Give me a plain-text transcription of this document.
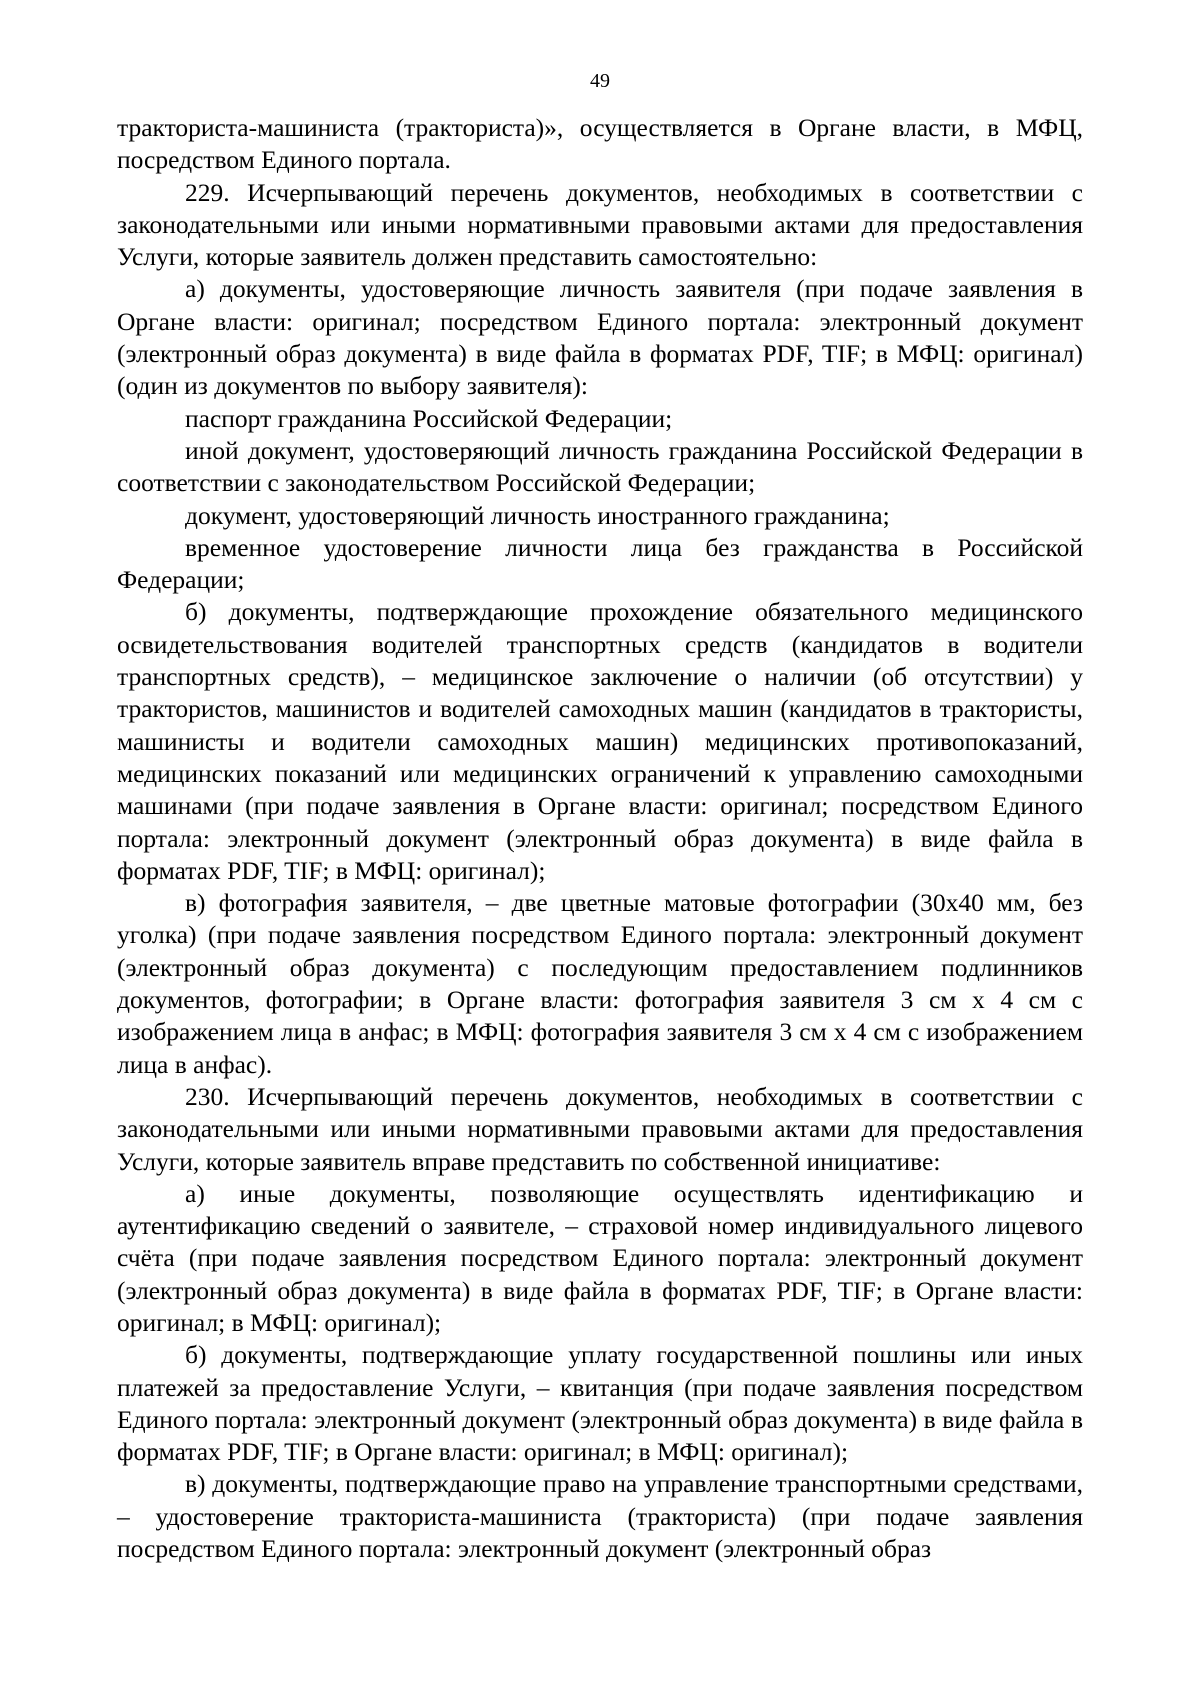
49

тракториста-машиниста (тракториста)», осуществляется в Органе власти, в МФЦ, посредством Единого портала.

229. Исчерпывающий перечень документов, необходимых в соответствии с законодательными или иными нормативными правовыми актами для предоставления Услуги, которые заявитель должен представить самостоятельно:

а) документы, удостоверяющие личность заявителя (при подаче заявления в Органе власти: оригинал; посредством Единого портала: электронный документ (электронный образ документа) в виде файла в форматах PDF, TIF; в МФЦ: оригинал) (один из документов по выбору заявителя):

паспорт гражданина Российской Федерации;

иной документ, удостоверяющий личность гражданина Российской Федерации в соответствии с законодательством Российской Федерации;

документ, удостоверяющий личность иностранного гражданина;

временное удостоверение личности лица без гражданства в Российской Федерации;

б) документы, подтверждающие прохождение обязательного медицинского освидетельствования водителей транспортных средств (кандидатов в водители транспортных средств), – медицинское заключение о наличии (об отсутствии) у трактористов, машинистов и водителей самоходных машин (кандидатов в трактористы, машинисты и водители самоходных машин) медицинских противопоказаний, медицинских показаний или медицинских ограничений к управлению самоходными машинами (при подаче заявления в Органе власти: оригинал; посредством Единого портала: электронный документ (электронный образ документа) в виде файла в форматах PDF, TIF; в МФЦ: оригинал);

в) фотография заявителя, – две цветные матовые фотографии (30х40 мм, без уголка) (при подаче заявления посредством Единого портала: электронный документ (электронный образ документа) с последующим предоставлением подлинников документов, фотографии; в Органе власти: фотография заявителя 3 см х 4 см с изображением лица в анфас; в МФЦ: фотография заявителя 3 см х 4 см с изображением лица в анфас).

230. Исчерпывающий перечень документов, необходимых в соответствии с законодательными или иными нормативными правовыми актами для предоставления Услуги, которые заявитель вправе представить по собственной инициативе:

а) иные документы, позволяющие осуществлять идентификацию и аутентификацию сведений о заявителе, – страховой номер индивидуального лицевого счёта (при подаче заявления посредством Единого портала: электронный документ (электронный образ документа) в виде файла в форматах PDF, TIF; в Органе власти: оригинал; в МФЦ: оригинал);

б) документы, подтверждающие уплату государственной пошлины или иных платежей за предоставление Услуги, – квитанция (при подаче заявления посредством Единого портала: электронный документ (электронный образ документа) в виде файла в форматах PDF, TIF; в Органе власти: оригинал; в МФЦ: оригинал);

в) документы, подтверждающие право на управление транспортными средствами, – удостоверение тракториста-машиниста (тракториста) (при подаче заявления посредством Единого портала: электронный документ (электронный образ
